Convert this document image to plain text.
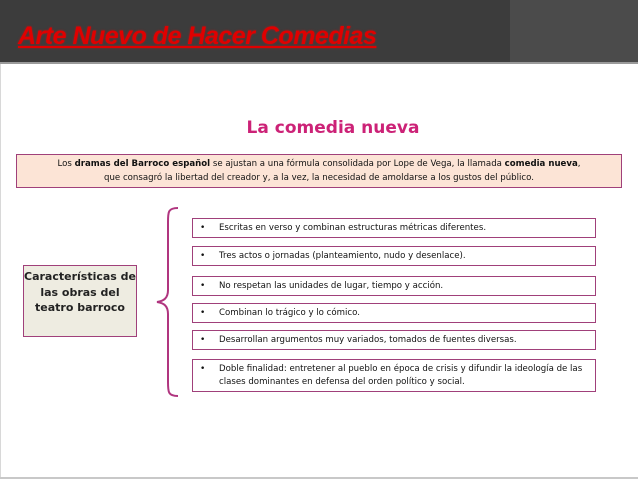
Arte Nuevo de Hacer Comedias
La comedia nueva
Los dramas del Barroco español se ajustan a una fórmula consolidada por Lope de Vega, la llamada comedia nueva,
que consagró la libertad del creador y, a la vez, la necesidad de amoldarse a los gustos del público.
Características de las obras del teatro barroco
• Escritas en verso y combinan estructuras métricas diferentes.
• Tres actos o jornadas (planteamiento, nudo y desenlace).
• No respetan las unidades de lugar, tiempo y acción.
• Combinan lo trágico y lo cómico.
• Desarrollan argumentos muy variados, tomados de fuentes diversas.
• Doble finalidad: entretener al pueblo en época de crisis y difundir la ideología de las clases dominantes en defensa del orden político y social.
